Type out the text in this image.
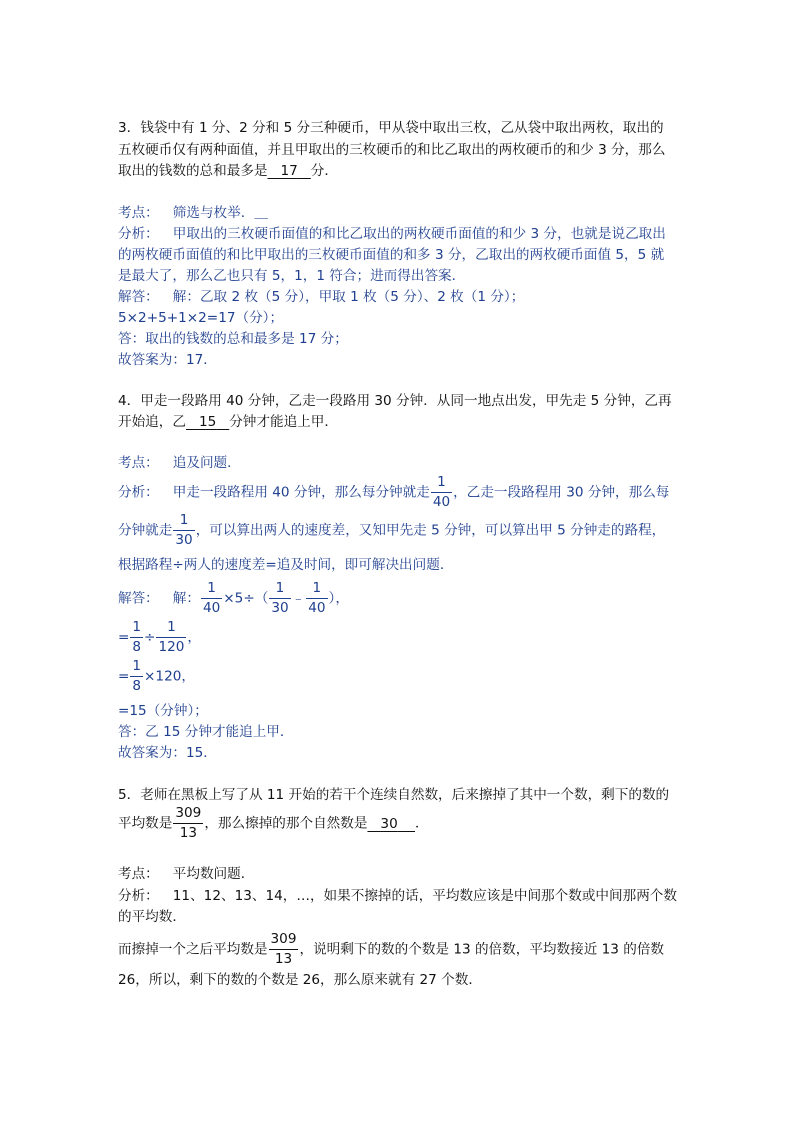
3．钱袋中有 1 分、2 分和 5 分三种硬币，甲从袋中取出三枚，乙从袋中取出两枚，取出的
五枚硬币仅有两种面值，并且甲取出的三枚硬币的和比乙取出的两枚硬币的和少 3 分，那么
取出的钱数的总和最多是 17 分．
考点： 筛选与枚举．＿
分析： 甲取出的三枚硬币面值的和比乙取出的两枚硬币面值的和少 3 分，也就是说乙取出
的两枚硬币面值的和比甲取出的三枚硬币面值的和多 3 分，乙取出的两枚硬币面值 5，5 就
是最大了，那么乙也只有 5，1，1 符合；进而得出答案．
解答： 解：乙取 2 枚（5 分），甲取 1 枚（5 分）、2 枚（1 分）；
5×2+5+1×2=17（分）；
答：取出的钱数的总和最多是 17 分；
故答案为：17．
4．甲走一段路用 40 分钟，乙走一段路用 30 分钟．从同一地点出发，甲先走 5 分钟，乙再
开始追，乙 15 分钟才能追上甲．
考点： 追及问题．
分析： 甲走一段路程用 40 分钟，那么每分钟就走 $\frac{1}{40}$ ，乙走一段路程用 30 分钟，那么每
分钟就走 $\frac{1}{30}$ ，可以算出两人的速度差，又知甲先走 5 分钟，可以算出甲 5 分钟走的路程，
根据路程÷两人的速度差=追及时间，即可解决出问题．
解答： 解： $\frac{1}{40} \times 5\div( \frac{1}{30}$ ﹣ $\frac{1}{40}$ ），
= $\frac{1}{8} \div \frac{1}{120}$ ，
= $\frac{1}{8} \times 120$，
=15（分钟）；
答：乙 15 分钟才能追上甲．
故答案为：15．
5．老师在黑板上写了从 11 开始的若干个连续自然数，后来擦掉了其中一个数，剩下的数的
平均数是 $\frac{309}{13}$ ，那么擦掉的那个自然数是 30 ．
考点： 平均数问题．
分析： 11、12、13、14，…，如果不擦掉的话，平均数应该是中间那个数或中间那两个数
的平均数．
而擦掉一个之后平均数是 $\frac{309}{13}$ ，说明剩下的数的个数是 13 的倍数，平均数接近 13 的倍数
26，所以，剩下的数的个数是 26，那么原来就有 27 个数．
